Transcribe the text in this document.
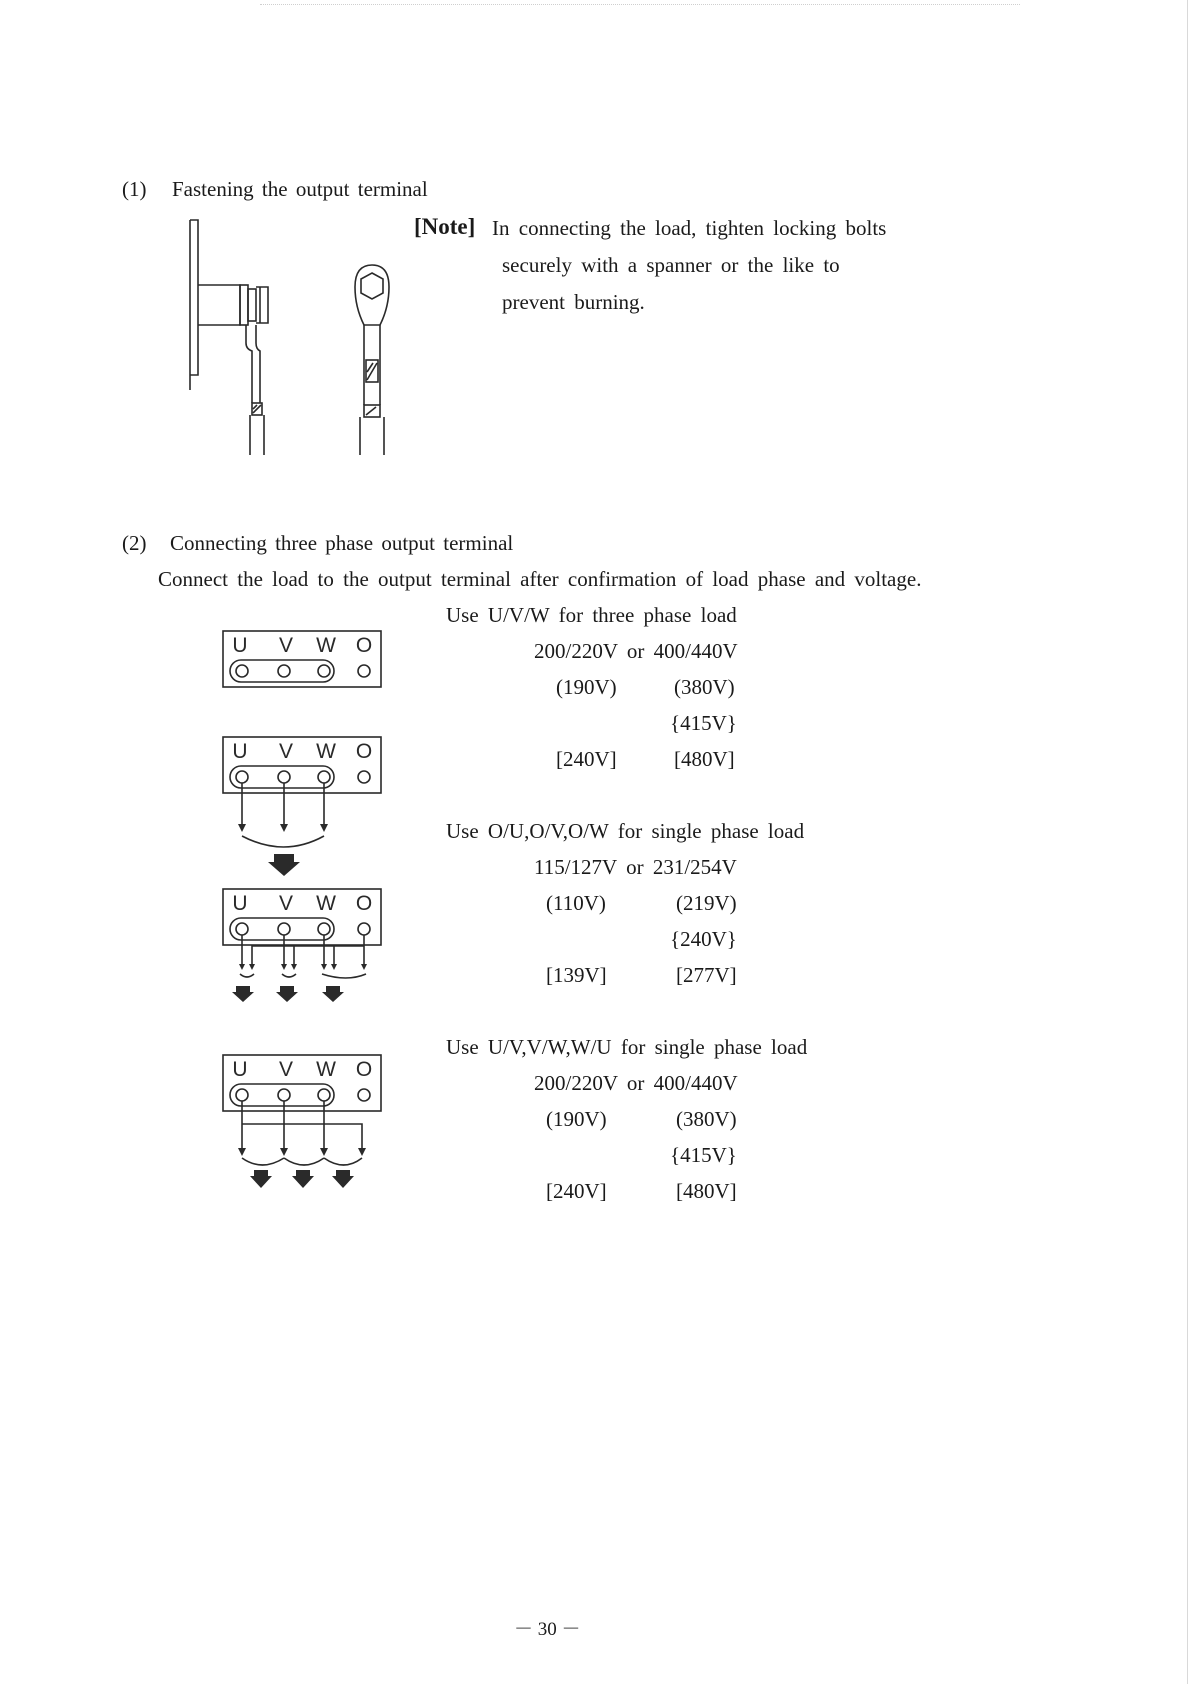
(1) Fastening the output terminal
[Note] In connecting the load, tighten locking bolts
securely with a spanner or the like to
prevent burning.
(2) Connecting three phase output terminal
Connect the load to the output terminal after confirmation of load phase and voltage.
U V W O
U V W O
U V W O
U V W O
Use U/V/W for three phase load
200/220V or 400/440V
(190V)	(380V)
{415V}
[240V]	[480V]
Use O/U,O/V,O/W for single phase load
115/127V or 231/254V
(110V)	(219V)
{240V}
[139V]	[277V]
Use U/V,V/W,W/U for single phase load
200/220V or 400/440V
(190V)	(380V)
{415V}
[240V]	[480V]
－ 30 －
